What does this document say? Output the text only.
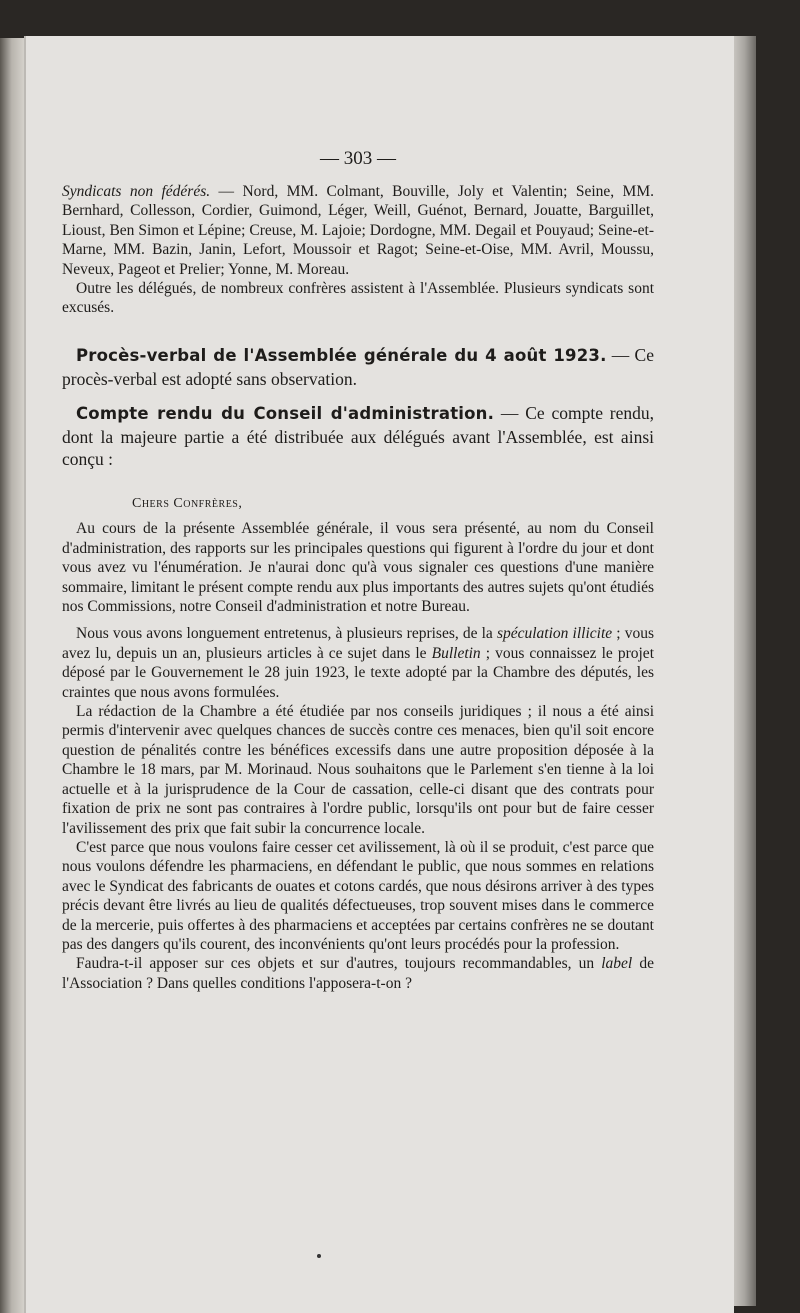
— 303 —

Syndicats non fédérés. — Nord, MM. Colmant, Bouville, Joly et Valentin; Seine, MM. Bernhard, Collesson, Cordier, Guimond, Léger, Weill, Guénot, Bernard, Jouatte, Barguillet, Lioust, Ben Simon et Lépine; Creuse, M. Lajoie; Dordogne, MM. Degail et Pouyaud; Seine-et-Marne, MM. Bazin, Janin, Lefort, Moussoir et Ragot; Seine-et-Oise, MM. Avril, Moussu, Neveux, Pageot et Prelier; Yonne, M. Moreau.

Outre les délégués, de nombreux confrères assistent à l'Assemblée. Plusieurs syndicats sont excusés.

Procès-verbal de l'Assemblée générale du 4 août 1923. — Ce procès-verbal est adopté sans observation.

Compte rendu du Conseil d'administration. — Ce compte rendu, dont la majeure partie a été distribuée aux délégués avant l'Assemblée, est ainsi conçu :

Chers Confrères,

Au cours de la présente Assemblée générale, il vous sera présenté, au nom du Conseil d'administration, des rapports sur les principales questions qui figurent à l'ordre du jour et dont vous avez vu l'énumération. Je n'aurai donc qu'à vous signaler ces questions d'une manière sommaire, limitant le présent compte rendu aux plus importants des autres sujets qu'ont étudiés nos Commissions, notre Conseil d'administration et notre Bureau.

Nous vous avons longuement entretenus, à plusieurs reprises, de la spéculation illicite ; vous avez lu, depuis un an, plusieurs articles à ce sujet dans le Bulletin ; vous connaissez le projet déposé par le Gouvernement le 28 juin 1923, le texte adopté par la Chambre des députés, les craintes que nous avons formulées.

La rédaction de la Chambre a été étudiée par nos conseils juridiques ; il nous a été ainsi permis d'intervenir avec quelques chances de succès contre ces menaces, bien qu'il soit encore question de pénalités contre les bénéfices excessifs dans une autre proposition déposée à la Chambre le 18 mars, par M. Morinaud. Nous souhaitons que le Parlement s'en tienne à la loi actuelle et à la jurisprudence de la Cour de cassation, celle-ci disant que des contrats pour fixation de prix ne sont pas contraires à l'ordre public, lorsqu'ils ont pour but de faire cesser l'avilissement des prix que fait subir la concurrence locale.

C'est parce que nous voulons faire cesser cet avilissement, là où il se produit, c'est parce que nous voulons défendre les pharmaciens, en défendant le public, que nous sommes en relations avec le Syndicat des fabricants de ouates et cotons cardés, que nous désirons arriver à des types précis devant être livrés au lieu de qualités défectueuses, trop souvent mises dans le commerce de la mercerie, puis offertes à des pharmaciens et acceptées par certains confrères ne se doutant pas des dangers qu'ils courent, des inconvénients qu'ont leurs procédés pour la profession.

Faudra-t-il apposer sur ces objets et sur d'autres, toujours recommandables, un label de l'Association ? Dans quelles conditions l'apposera-t-on ?
